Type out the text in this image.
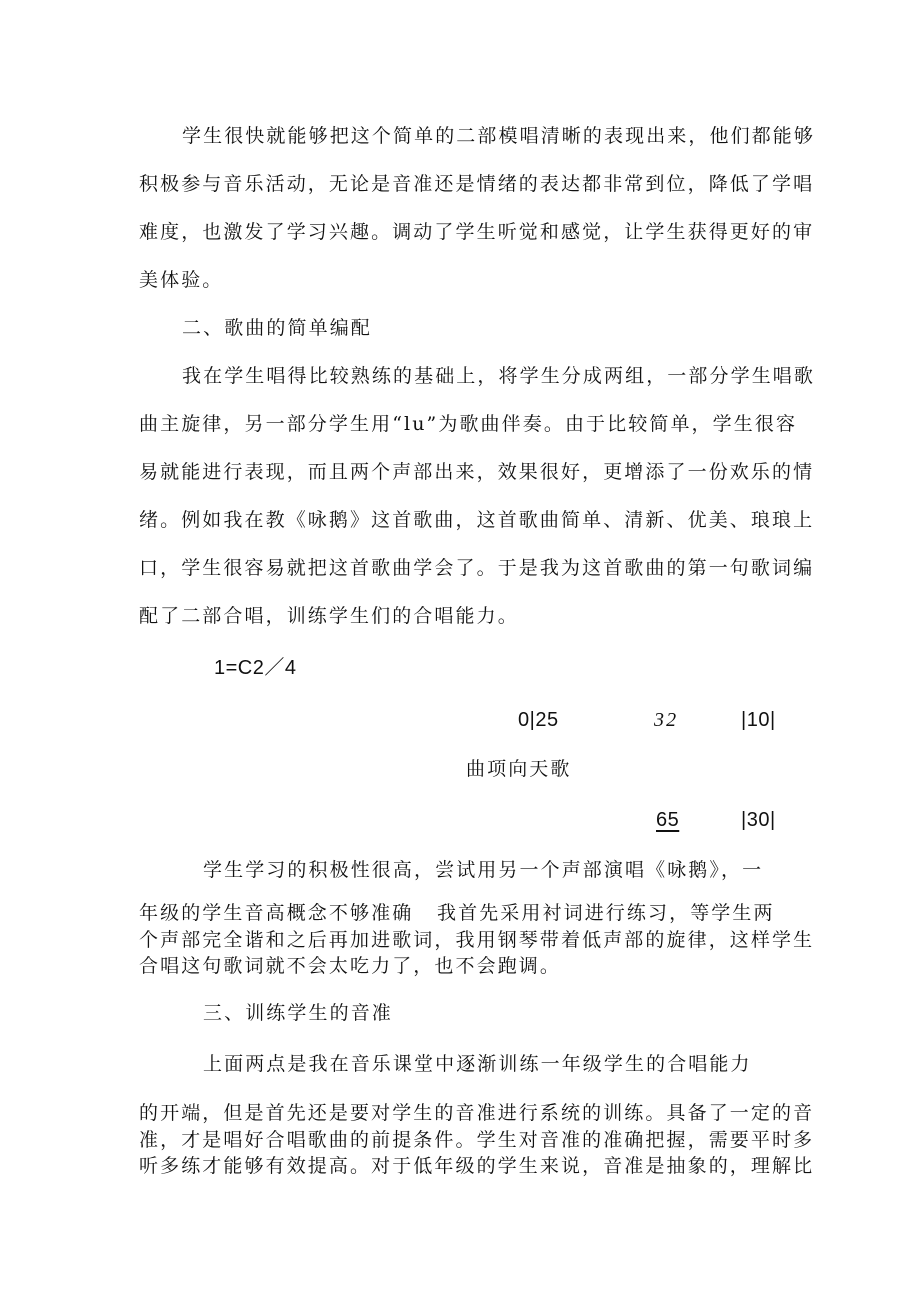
学生很快就能够把这个简单的二部模唱清晰的表现出来，他们都能够
积极参与音乐活动，无论是音准还是情绪的表达都非常到位，降低了学唱
难度，也激发了学习兴趣。调动了学生听觉和感觉，让学生获得更好的审
美体验。
二、歌曲的简单编配
我在学生唱得比较熟练的基础上，将学生分成两组，一部分学生唱歌
曲主旋律，另一部分学生用“lu”为歌曲伴奏。由于比较简单，学生很容
易就能进行表现，而且两个声部出来，效果很好，更增添了一份欢乐的情
绪。例如我在教《咏鹅》这首歌曲，这首歌曲简单、清新、优美、琅琅上
口，学生很容易就把这首歌曲学会了。于是我为这首歌曲的第一句歌词编
配了二部合唱，训练学生们的合唱能力。
1=C2／4
0|25	32	|10|
曲项向天歌
65	|30|
学生学习的积极性很高，尝试用另一个声部演唱《咏鹅》，一
年级的学生音高概念不够准确 我首先采用衬词进行练习，等学生两
个声部完全谐和之后再加进歌词，我用钢琴带着低声部的旋律，这样学生
合唱这句歌词就不会太吃力了，也不会跑调。
三、训练学生的音准
上面两点是我在音乐课堂中逐渐训练一年级学生的合唱能力
的开端，但是首先还是要对学生的音准进行系统的训练。具备了一定的音
准，才是唱好合唱歌曲的前提条件。学生对音准的准确把握，需要平时多
听多练才能够有效提高。对于低年级的学生来说，音准是抽象的，理解比
